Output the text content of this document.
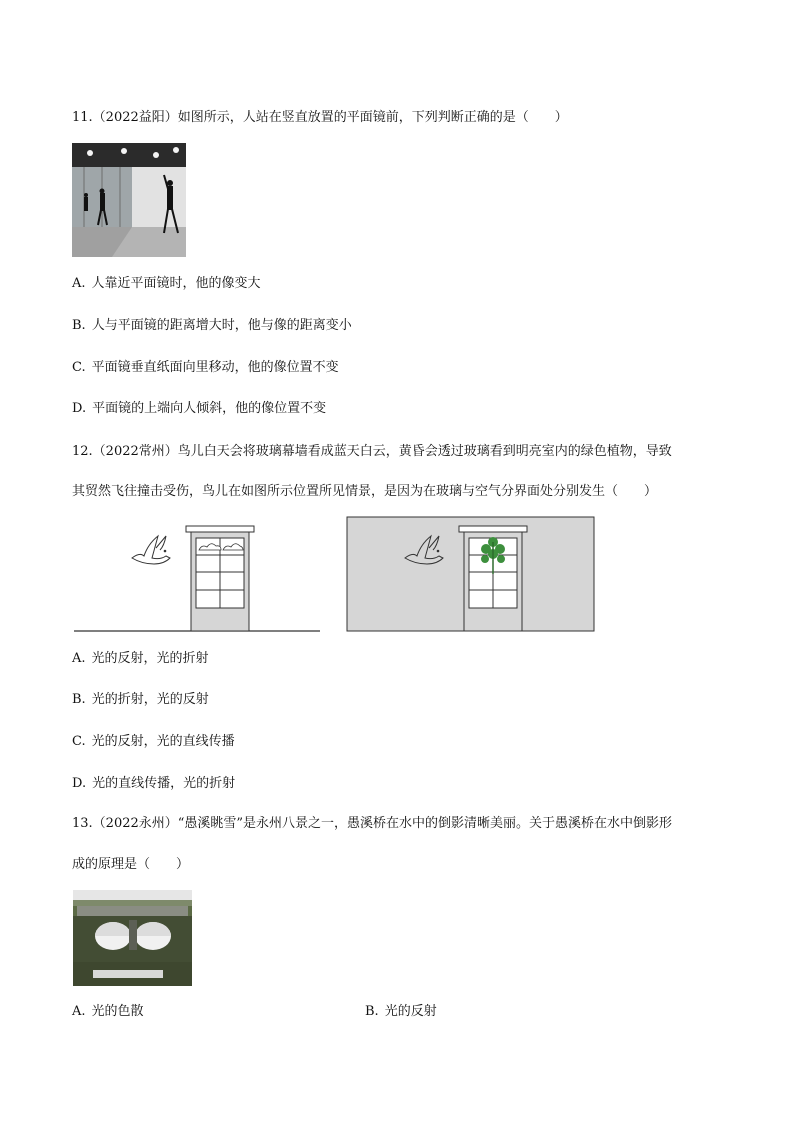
11.（2022益阳）如图所示，人站在竖直放置的平面镜前，下列判断正确的是（　　）
A. 人靠近平面镜时，他的像变大
B. 人与平面镜的距离增大时，他与像的距离变小
C. 平面镜垂直纸面向里移动，他的像位置不变
D. 平面镜的上端向人倾斜，他的像位置不变
12.（2022常州）鸟儿白天会将玻璃幕墙看成蓝天白云，黄昏会透过玻璃看到明亮室内的绿色植物，导致
其贸然飞往撞击受伤，鸟儿在如图所示位置所见情景，是因为在玻璃与空气分界面处分别发生（　　）
A. 光的反射，光的折射
B. 光的折射，光的反射
C. 光的反射，光的直线传播
D. 光的直线传播，光的折射
13.（2022永州）“愚溪眺雪”是永州八景之一，愚溪桥在水中的倒影清晰美丽。关于愚溪桥在水中倒影形
成的原理是（　　）
A. 光的色散	B. 光的反射
